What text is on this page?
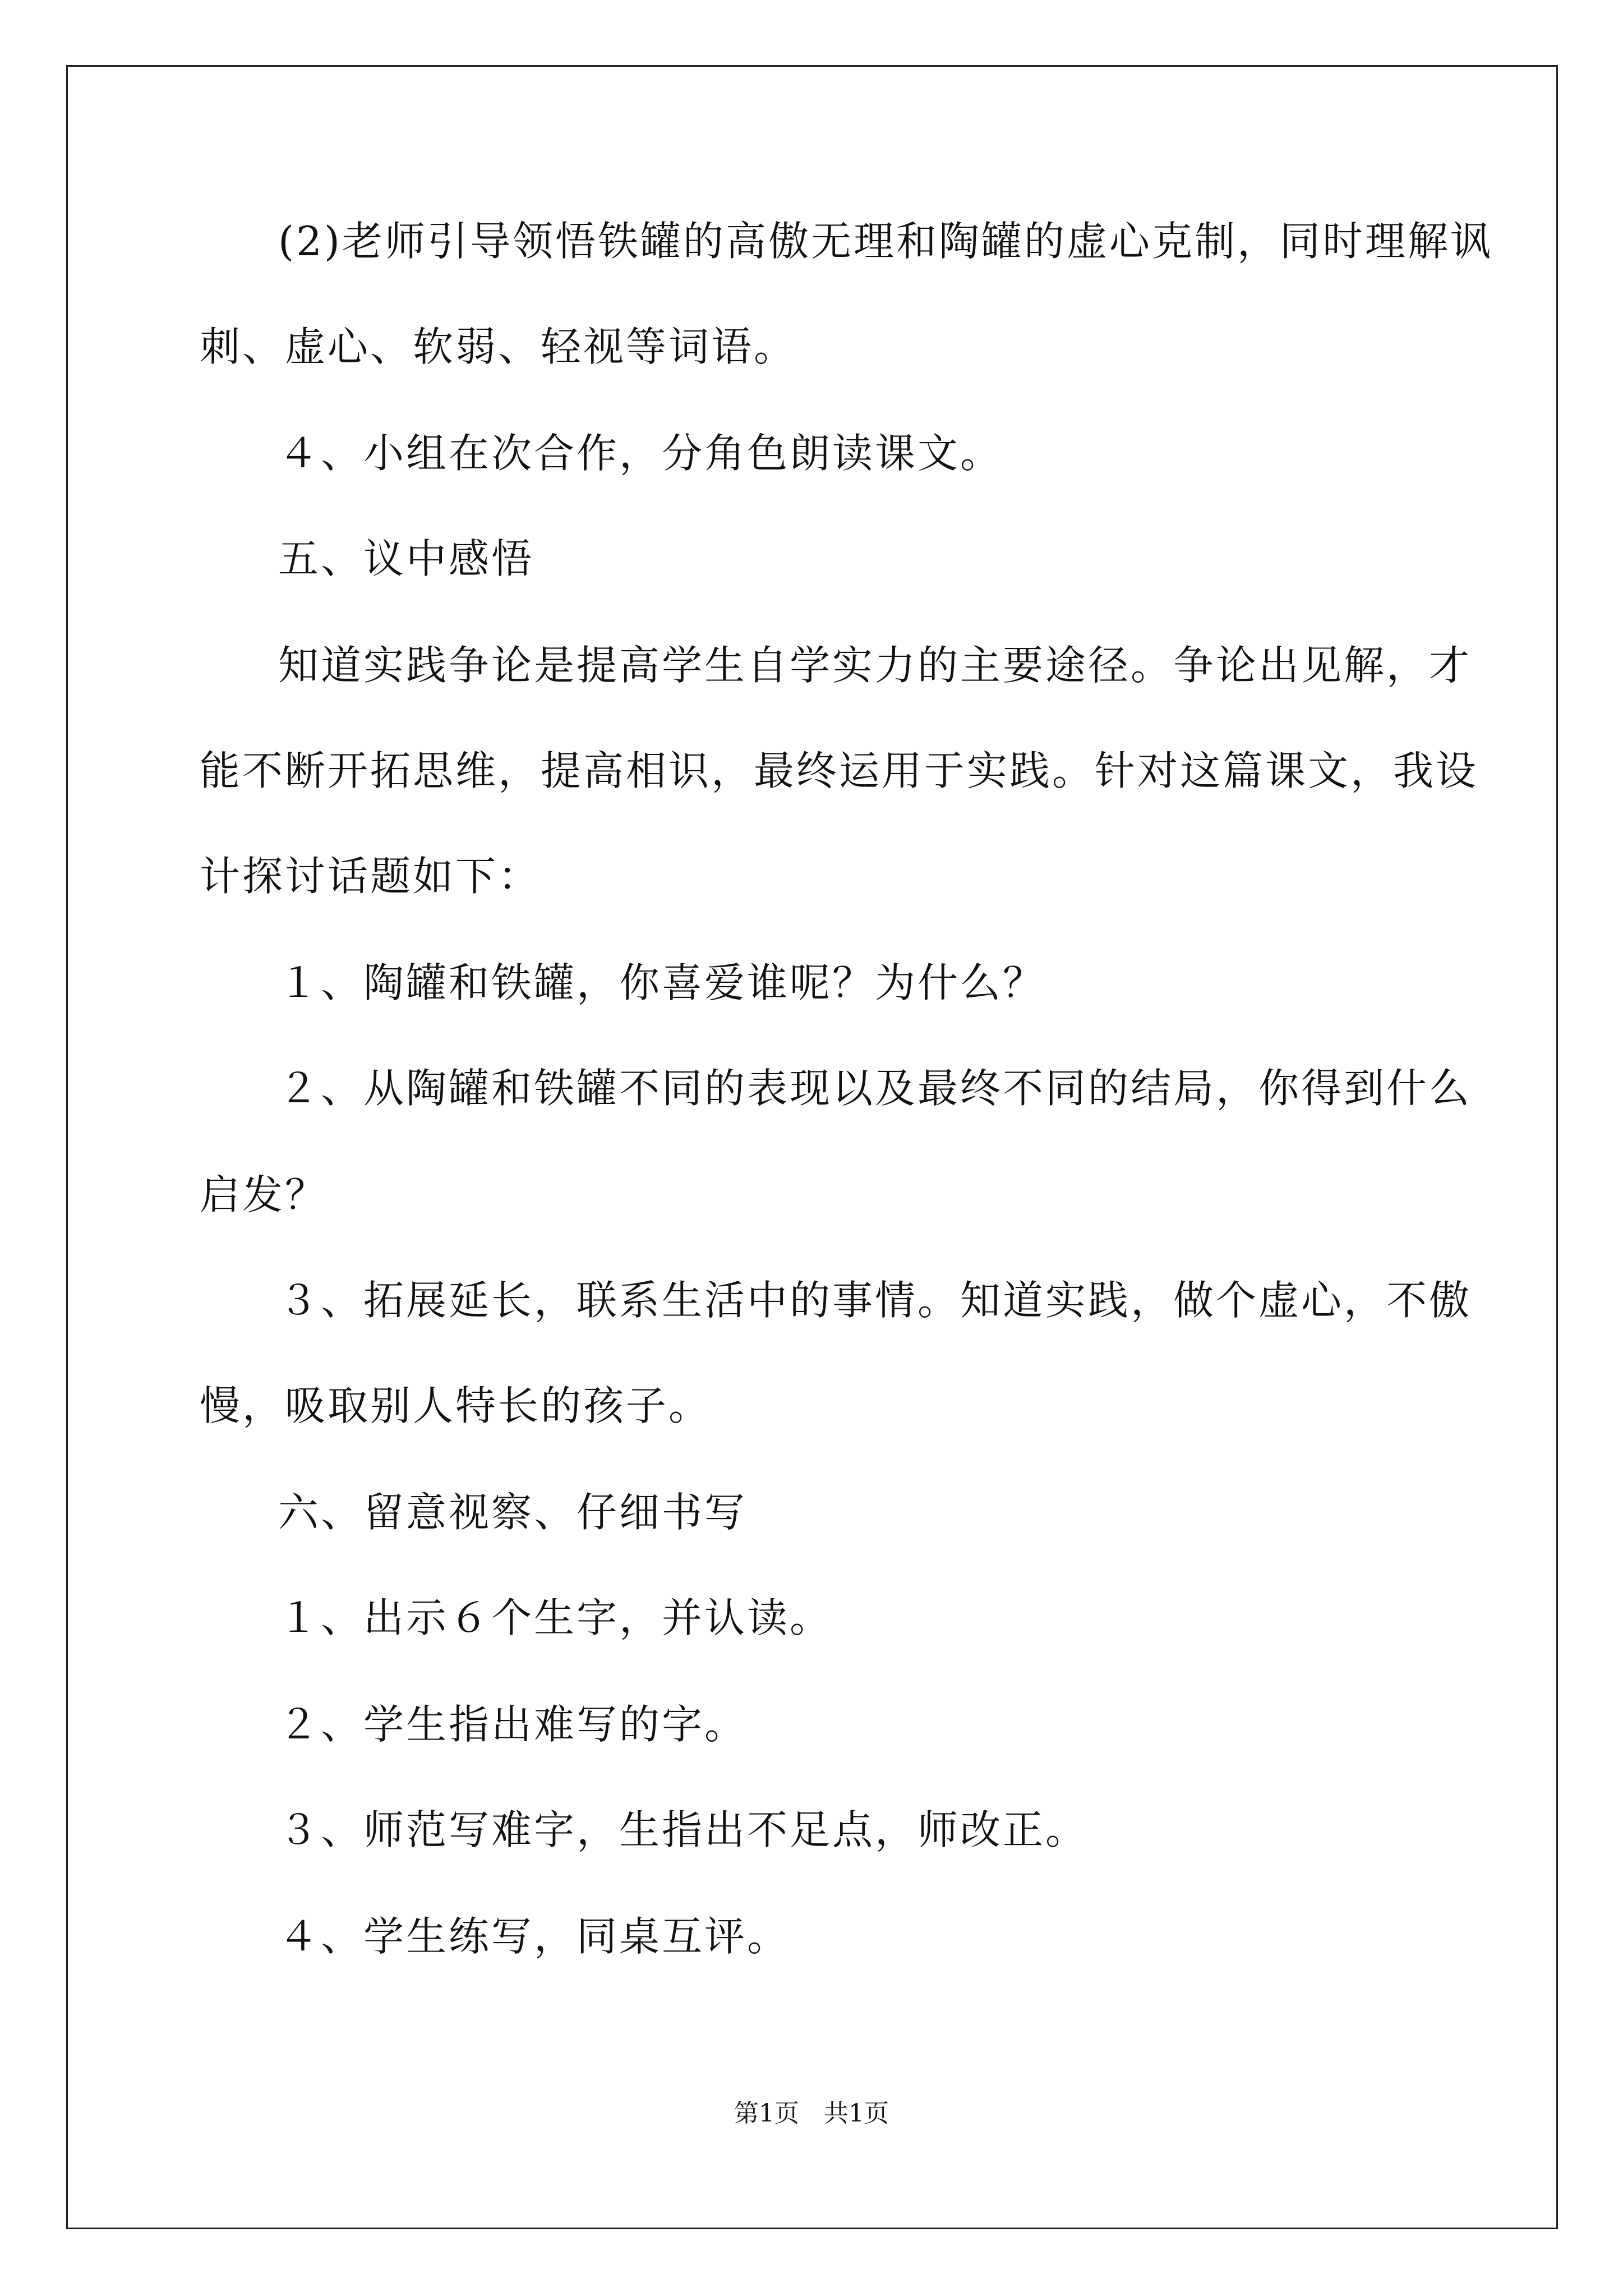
(2)老师引导领悟铁罐的高傲无理和陶罐的虚心克制，同时理解讽

刺、虚心、软弱、轻视等词语。

４、小组在次合作，分角色朗读课文。

五、议中感悟

知道实践争论是提高学生自学实力的主要途径。争论出见解，才

能不断开拓思维，提高相识，最终运用于实践。针对这篇课文，我设

计探讨话题如下：

１、陶罐和铁罐，你喜爱谁呢？为什么？

２、从陶罐和铁罐不同的表现以及最终不同的结局，你得到什么

启发？

３、拓展延长，联系生活中的事情。知道实践，做个虚心，不傲

慢，吸取别人特长的孩子。

六、留意视察、仔细书写

１、出示６个生字，并认读。

２、学生指出难写的字。

３、师范写难字，生指出不足点，师改正。

４、学生练写，同桌互评。

第1页　共1页
